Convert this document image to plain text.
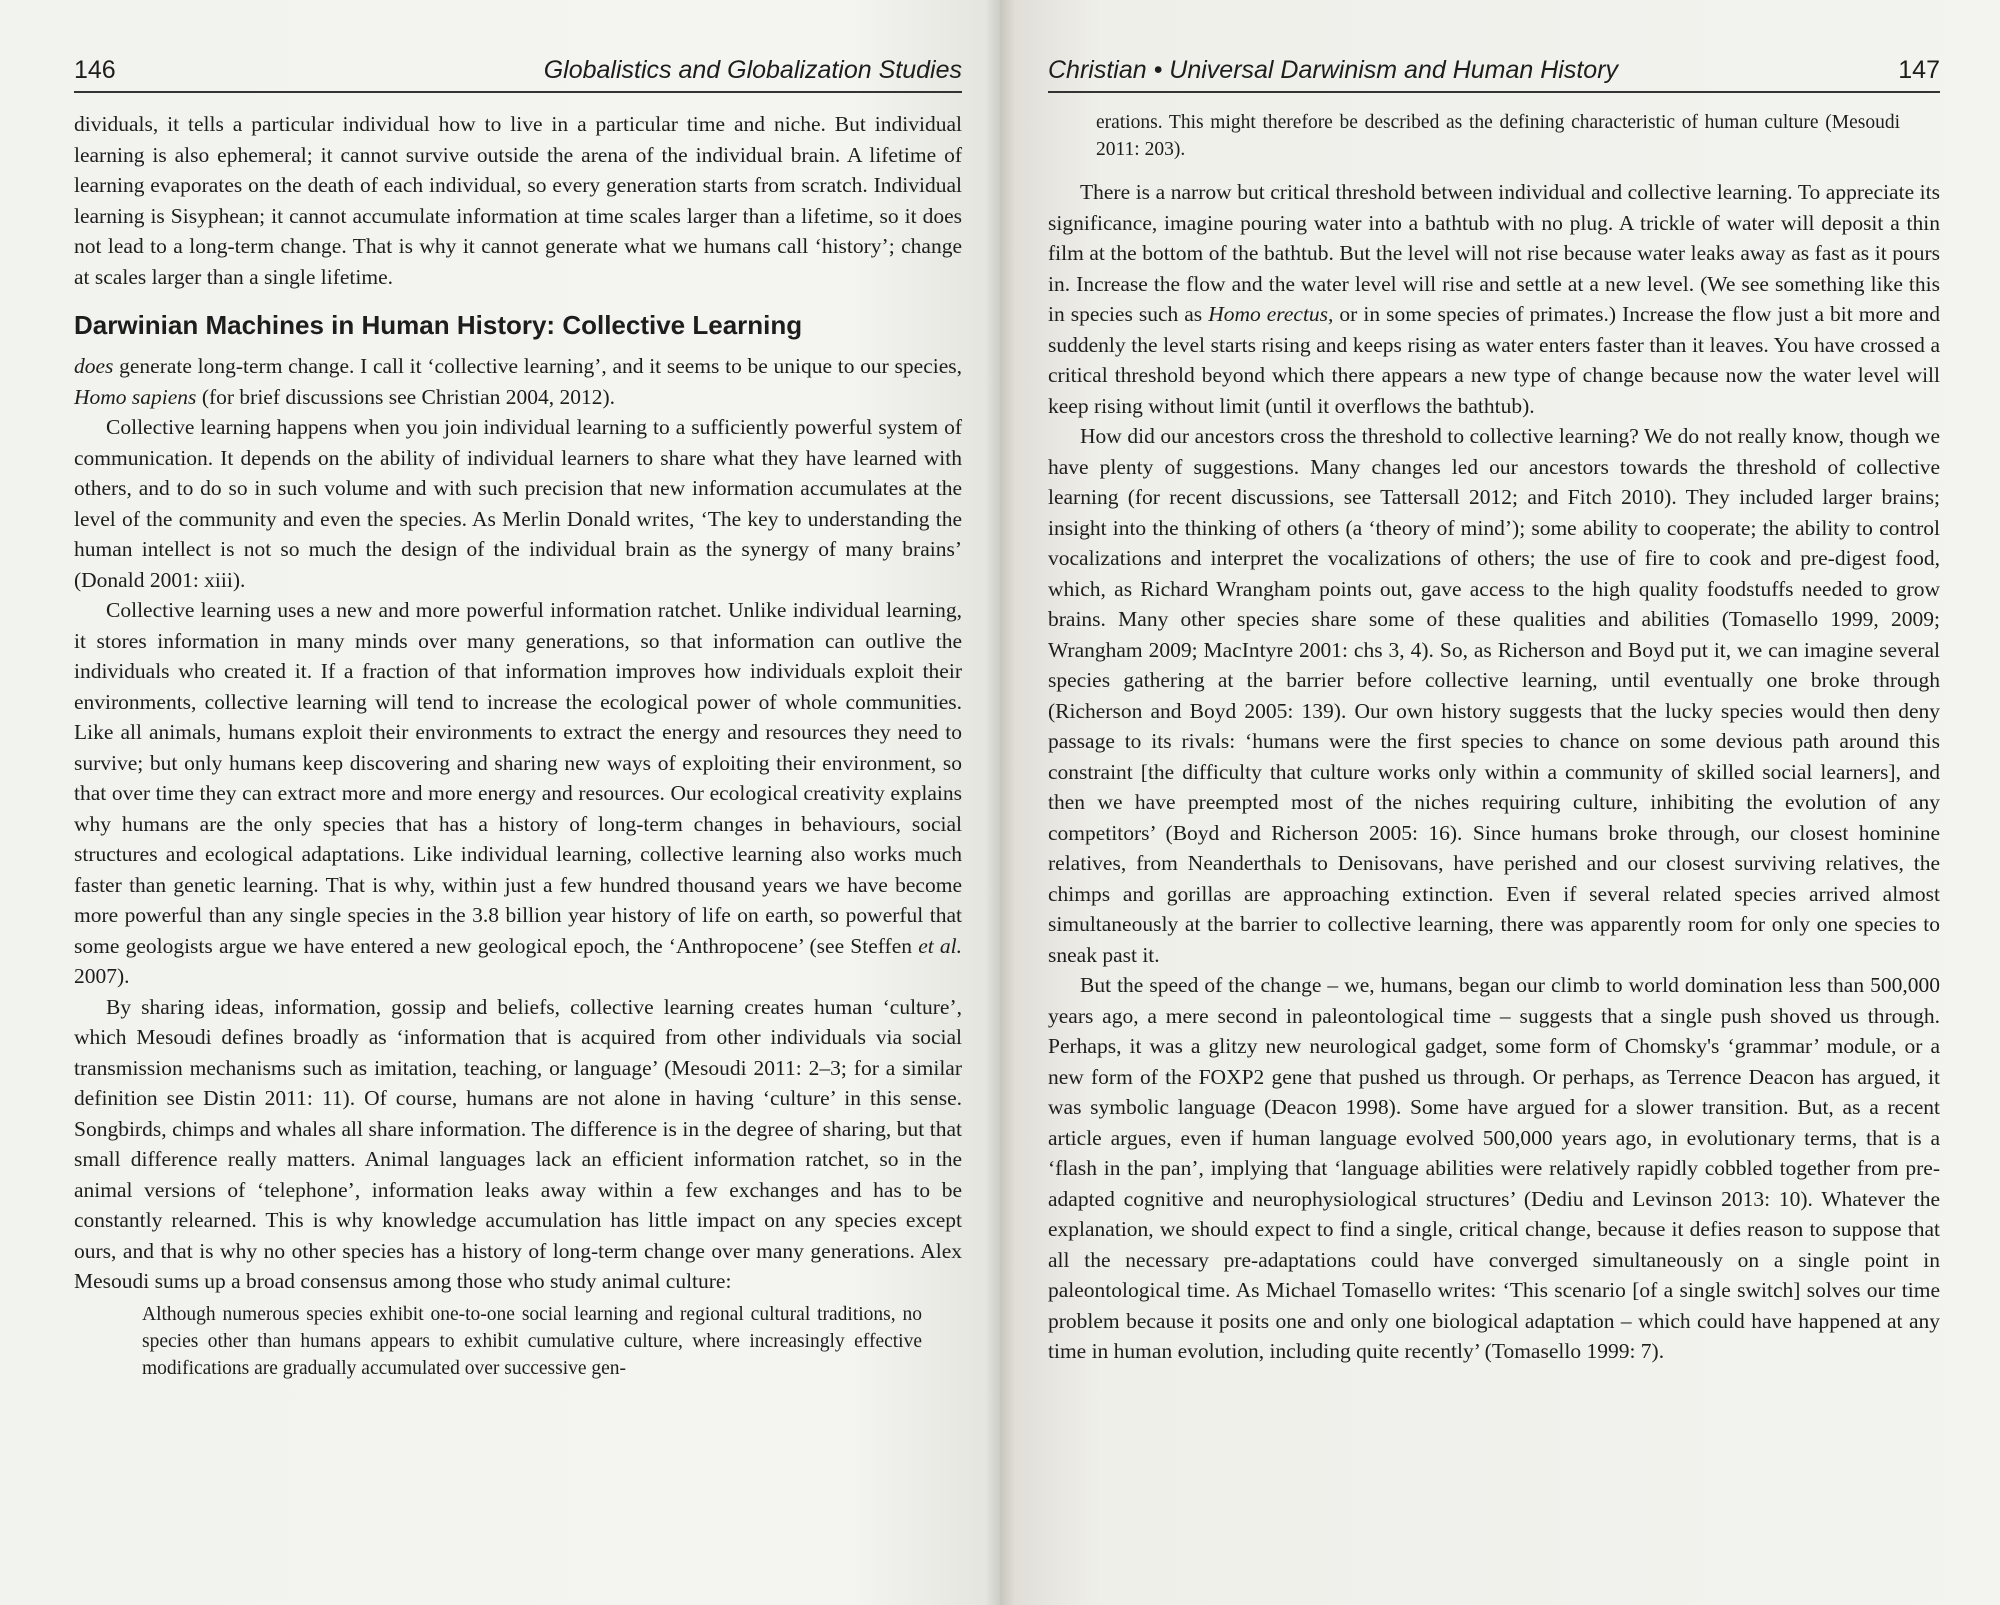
146	Globalistics and Globalization Studies

dividuals, it tells a particular individual how to live in a particular time and niche. But individual learning is also ephemeral; it cannot survive outside the arena of the individual brain. A lifetime of learning evaporates on the death of each individual, so every generation starts from scratch. Individual learning is Sisyphean; it cannot accumulate information at time scales larger than a lifetime, so it does not lead to a long-term change. That is why it cannot generate what we humans call ‘history’; change at scales larger than a single lifetime.

Darwinian Machines in Human History: Collective Learning

does generate long-term change. I call it ‘collective learning’, and it seems to be unique to our species, Homo sapiens (for brief discussions see Christian 2004, 2012).

Collective learning happens when you join individual learning to a sufficiently powerful system of communication. It depends on the ability of individual learners to share what they have learned with others, and to do so in such volume and with such precision that new information accumulates at the level of the community and even the species. As Merlin Donald writes, ‘The key to understanding the human intellect is not so much the design of the individual brain as the synergy of many brains’ (Donald 2001: xiii).

Collective learning uses a new and more powerful information ratchet. Unlike individual learning, it stores information in many minds over many generations, so that information can outlive the individuals who created it. If a fraction of that information improves how individuals exploit their environments, collective learning will tend to increase the ecological power of whole communities. Like all animals, humans exploit their environments to extract the energy and resources they need to survive; but only humans keep discovering and sharing new ways of exploiting their environment, so that over time they can extract more and more energy and resources. Our ecological creativity explains why humans are the only species that has a history of long-term changes in behaviours, social structures and ecological adaptations. Like individual learning, collective learning also works much faster than genetic learning. That is why, within just a few hundred thousand years we have become more powerful than any single species in the 3.8 billion year history of life on earth, so powerful that some geologists argue we have entered a new geological epoch, the ‘Anthropocene’ (see Steffen et al. 2007).

By sharing ideas, information, gossip and beliefs, collective learning creates human ‘culture’, which Mesoudi defines broadly as ‘information that is acquired from other individuals via social transmission mechanisms such as imitation, teaching, or language’ (Mesoudi 2011: 2–3; for a similar definition see Distin 2011: 11). Of course, humans are not alone in having ‘culture’ in this sense. Songbirds, chimps and whales all share information. The difference is in the degree of sharing, but that small difference really matters. Animal languages lack an efficient information ratchet, so in the animal versions of ‘telephone’, information leaks away within a few exchanges and has to be constantly relearned. This is why knowledge accumulation has little impact on any species except ours, and that is why no other species has a history of long-term change over many generations. Alex Mesoudi sums up a broad consensus among those who study animal culture:

Although numerous species exhibit one-to-one social learning and regional cultural traditions, no species other than humans appears to exhibit cumulative culture, where increasingly effective modifications are gradually accumulated over successive gen-
147
Christian • Universal Darwinism and Human History
erations. This might therefore be described as the defining characteristic of human culture (Mesoudi 2011: 203).

There is a narrow but critical threshold between individual and collective learning. To appreciate its significance, imagine pouring water into a bathtub with no plug. A trickle of water will deposit a thin film at the bottom of the bathtub. But the level will not rise because water leaks away as fast as it pours in. Increase the flow and the water level will rise and settle at a new level. (We see something like this in species such as Homo erectus, or in some species of primates.) Increase the flow just a bit more and suddenly the level starts rising and keeps rising as water enters faster than it leaves. You have crossed a critical threshold beyond which there appears a new type of change because now the water level will keep rising without limit (until it overflows the bathtub).

How did our ancestors cross the threshold to collective learning? We do not really know, though we have plenty of suggestions. Many changes led our ancestors towards the threshold of collective learning (for recent discussions, see Tattersall 2012; and Fitch 2010). They included larger brains; insight into the thinking of others (a ‘theory of mind’); some ability to cooperate; the ability to control vocalizations and interpret the vocalizations of others; the use of fire to cook and pre-digest food, which, as Richard Wrangham points out, gave access to the high quality foodstuffs needed to grow brains. Many other species share some of these qualities and abilities (Tomasello 1999, 2009; Wrangham 2009; MacIntyre 2001: chs 3, 4). So, as Richerson and Boyd put it, we can imagine several species gathering at the barrier before collective learning, until eventually one broke through (Richerson and Boyd 2005: 139). Our own history suggests that the lucky species would then deny passage to its rivals: ‘humans were the first species to chance on some devious path around this constraint [the difficulty that culture works only within a community of skilled social learners], and then we have preempted most of the niches requiring culture, inhibiting the evolution of any competitors’ (Boyd and Richerson 2005: 16). Since humans broke through, our closest hominine relatives, from Neanderthals to Denisovans, have perished and our closest surviving relatives, the chimps and gorillas are approaching extinction. Even if several related species arrived almost simultaneously at the barrier to collective learning, there was apparently room for only one species to sneak past it.

But the speed of the change – we, humans, began our climb to world domination less than 500,000 years ago, a mere second in paleontological time – suggests that a single push shoved us through. Perhaps, it was a glitzy new neurological gadget, some form of Chomsky's ‘grammar’ module, or a new form of the FOXP2 gene that pushed us through. Or perhaps, as Terrence Deacon has argued, it was symbolic language (Deacon 1998). Some have argued for a slower transition. But, as a recent article argues, even if human language evolved 500,000 years ago, in evolutionary terms, that is a ‘flash in the pan’, implying that ‘language abilities were relatively rapidly cobbled together from pre-adapted cognitive and neurophysiological structures’ (Dediu and Levinson 2013: 10). Whatever the explanation, we should expect to find a single, critical change, because it defies reason to suppose that all the necessary pre-adaptations could have converged simultaneously on a single point in paleontological time. As Michael Tomasello writes: ‘This scenario [of a single switch] solves our time problem because it posits one and only one biological adaptation – which could have happened at any time in human evolution, including quite recently’ (Tomasello 1999: 7).
